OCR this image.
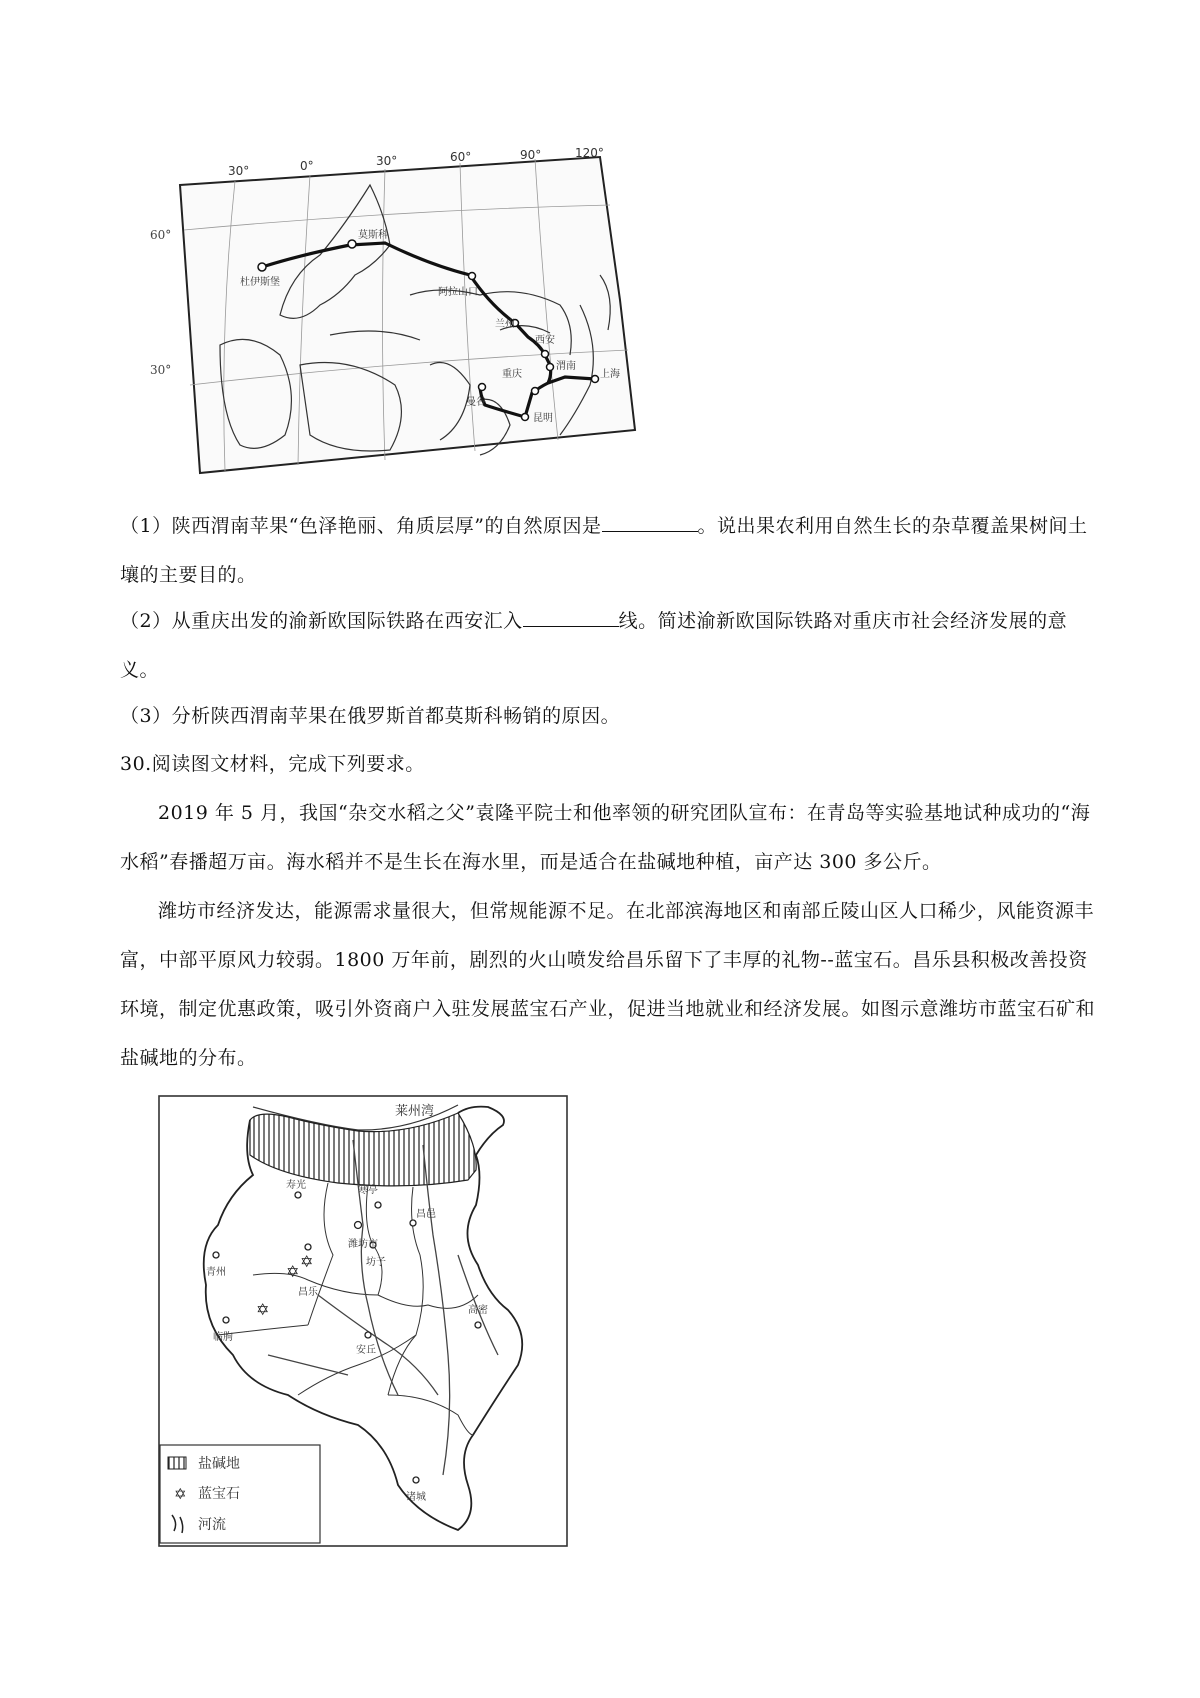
30°	0°	30°	60°	90°	120°
莫斯科
杜伊斯堡
阿拉山口
兰州
西安
渭南
重庆	上海
昆明
曼谷
60°
30°

（1）陕西渭南苹果“色泽艳丽、角质层厚”的自然原因是	。说出果农利用自然生长的杂草覆盖果树间土壤的主要目的。

（2）从重庆出发的渝新欧国际铁路在西安汇入	线。简述渝新欧国际铁路对重庆市社会经济发展的意义。

（3）分析陕西渭南苹果在俄罗斯首都莫斯科畅销的原因。

30.阅读图文材料，完成下列要求。

2019 年 5 月，我国“杂交水稻之父”袁隆平院士和他率领的研究团队宣布：在青岛等实验基地试种成功的“海水稻”春播超万亩。海水稻并不是生长在海水里，而是适合在盐碱地种植，亩产达 300 多公斤。

潍坊市经济发达，能源需求量很大，但常规能源不足。在北部滨海地区和南部丘陵山区人口稀少，风能资源丰富，中部平原风力较弱。1800 万年前，剧烈的火山喷发给昌乐留下了丰厚的礼物--蓝宝石。昌乐县积极改善投资环境，制定优惠政策，吸引外资商户入驻发展蓝宝石产业，促进当地就业和经济发展。如图示意潍坊市蓝宝石矿和盐碱地的分布。

✡
✡
✡
莱州湾
寿光	寒亭
昌邑
潍坊市
坊子
昌乐
青州
临朐
安丘
高密
诸城
✡
盐碱地
蓝宝石
河流
